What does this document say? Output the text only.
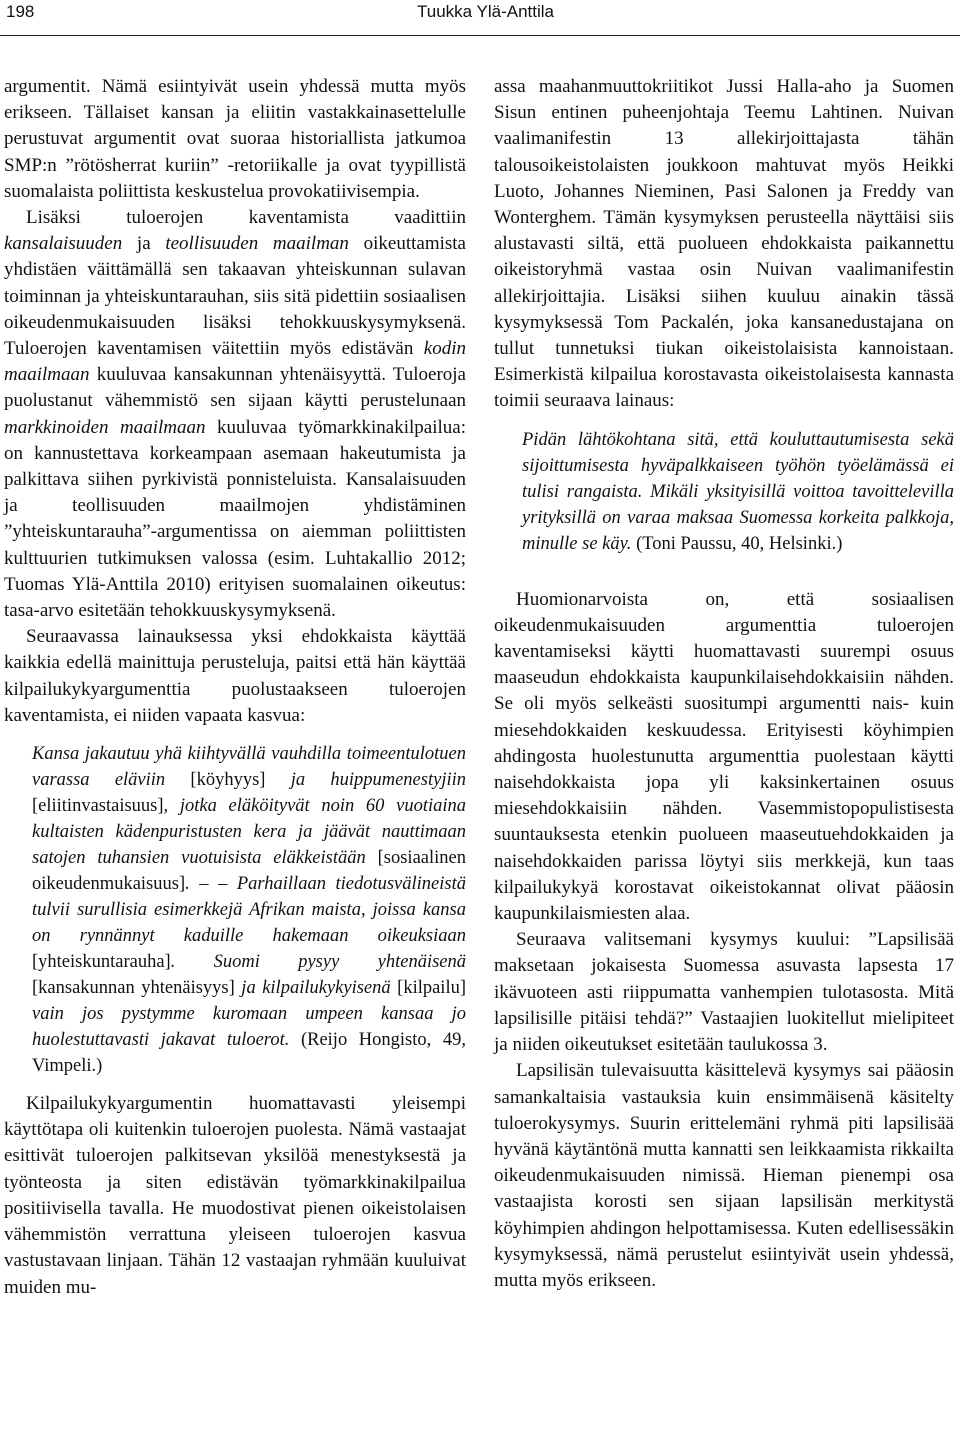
198	Tuukka Ylä-Anttila

argumentit. Nämä esiintyivät usein yhdessä mutta myös erikseen. Tällaiset kansan ja eliitin vastakkainasettelulle perustuvat argumentit ovat suoraa historiallista jatkumoa SMP:n ”rötösherrat kuriin” -retoriikalle ja ovat tyypillistä suomalaista poliittista keskustelua provokatiivisempia.

Lisäksi tuloerojen kaventamista vaadittiin kansalaisuuden ja teollisuuden maailman oikeuttamista yhdistäen väittämällä sen takaavan yhteiskunnan sulavan toiminnan ja yhteiskuntarauhan, siis sitä pidettiin sosiaalisen oikeudenmukaisuuden lisäksi tehokkuuskysymyksenä. Tuloerojen kaventamisen väitettiin myös edistävän kodin maailmaan kuuluvaa kansakunnan yhtenäisyyttä. Tuloeroja puolustanut vähemmistö sen sijaan käytti perustelunaan markkinoiden maailmaan kuuluvaa työmarkkinakilpailua: on kannustettava korkeampaan asemaan hakeutumista ja palkittava siihen pyrkivistä ponnisteluista. Kansalaisuuden ja teollisuuden maailmojen yhdistäminen ”yhteiskuntarauha”-argumentissa on aiemman poliittisten kulttuurien tutkimuksen valossa (esim. Luhtakallio 2012; Tuomas Ylä-Anttila 2010) erityisen suomalainen oikeutus: tasa-arvo esitetään tehokkuuskysymyksenä.

Seuraavassa lainauksessa yksi ehdokkaista käyttää kaikkia edellä mainittuja perusteluja, paitsi että hän käyttää kilpailukykyargumenttia puolustaakseen tuloerojen kaventamista, ei niiden vapaata kasvua:

Kansa jakautuu yhä kiihtyvällä vauhdilla toimeentulotuen varassa eläviin [köyhyys] ja huippumenestyjiin [eliitinvastaisuus], jotka eläköityvät noin 60 vuotiaina kultaisten kädenpuristusten kera ja jäävät nauttimaan satojen tuhansien vuotuisista eläkkeistään [sosiaalinen oikeudenmukaisuus]. – – Parhaillaan tiedotusvälineistä tulvii surullisia esimerkkejä Afrikan maista, joissa kansa on rynnännyt kaduille hakemaan oikeuksiaan [yhteiskuntarauha]. Suomi pysyy yhtenäisenä [kansakunnan yhtenäisyys] ja kilpailukykyisenä [kilpailu] vain jos pystymme kuromaan umpeen kansaa jo huolestuttavasti jakavat tuloerot. (Reijo Hongisto, 49, Vimpeli.)

Kilpailukykyargumentin huomattavasti yleisempi käyttötapa oli kuitenkin tuloerojen puolesta. Nämä vastaajat esittivät tuloerojen palkitsevan yksilöä menestyksestä ja työnteosta ja siten edistävän työmarkkinakilpailua positiivisella tavalla. He muodostivat pienen oikeistolaisen vähemmistön verrattuna yleiseen tuloerojen kasvua vastustavaan linjaan. Tähän 12 vastaajan ryhmään kuuluivat muiden mu-

assa maahanmuuttokriitikot Jussi Halla-aho ja Suomen Sisun entinen puheenjohtaja Teemu Lahtinen. Nuivan vaalimanifestin 13 allekirjoittajasta tähän talousoikeistolaisten joukkoon mahtuvat myös Heikki Luoto, Johannes Nieminen, Pasi Salonen ja Freddy van Wonterghem. Tämän kysymyksen perusteella näyttäisi siis alustavasti siltä, että puolueen ehdokkaista paikannettu oikeistoryhmä vastaa osin Nuivan vaalimanifestin allekirjoittajia. Lisäksi siihen kuuluu ainakin tässä kysymyksessä Tom Packalén, joka kansanedustajana on tullut tunnetuksi tiukan oikeistolaisista kannoistaan. Esimerkistä kilpailua korostavasta oikeistolaisesta kannasta toimii seuraava lainaus:

Pidän lähtökohtana sitä, että kouluttautumisesta sekä sijoittumisesta hyväpalkkaiseen työhön työelämässä ei tulisi rangaista. Mikäli yksityisillä voittoa tavoittelevilla yrityksillä on varaa maksaa Suomessa korkeita palkkoja, minulle se käy. (Toni Paussu, 40, Helsinki.)

Huomionarvoista on, että sosiaalisen oikeudenmukaisuuden argumenttia tuloerojen kaventamiseksi käytti huomattavasti suurempi osuus maaseudun ehdokkaista kaupunkilaisehdokkaisiin nähden. Se oli myös selkeästi suositumpi argumentti nais- kuin miesehdokkaiden keskuudessa. Erityisesti köyhimpien ahdingosta huolestunutta argumenttia puolestaan käytti naisehdokkaista jopa yli kaksinkertainen osuus miesehdokkaisiin nähden. Vasemmistopopulistisesta suuntauksesta etenkin puolueen maaseutuehdokkaiden ja naisehdokkaiden parissa löytyi siis merkkejä, kun taas kilpailukykyä korostavat oikeistokannat olivat pääosin kaupunkilaismiesten alaa.

Seuraava valitsemani kysymys kuului: ”Lapsilisää maksetaan jokaisesta Suomessa asuvasta lapsesta 17 ikävuoteen asti riippumatta vanhempien tulotasosta. Mitä lapsilisille pitäisi tehdä?” Vastaajien luokitellut mielipiteet ja niiden oikeutukset esitetään taulukossa 3.

Lapsilisän tulevaisuutta käsittelevä kysymys sai pääosin samankaltaisia vastauksia kuin ensimmäisenä käsitelty tuloerokysymys. Suurin erittelemäni ryhmä piti lapsilisää hyvänä käytäntönä mutta kannatti sen leikkaamista rikkailta oikeudenmukaisuuden nimissä. Hieman pienempi osa vastaajista korosti sen sijaan lapsilisän merkitystä köyhimpien ahdingon helpottamisessa. Kuten edellisessäkin kysymyksessä, nämä perustelut esiintyivät usein yhdessä, mutta myös erikseen.
